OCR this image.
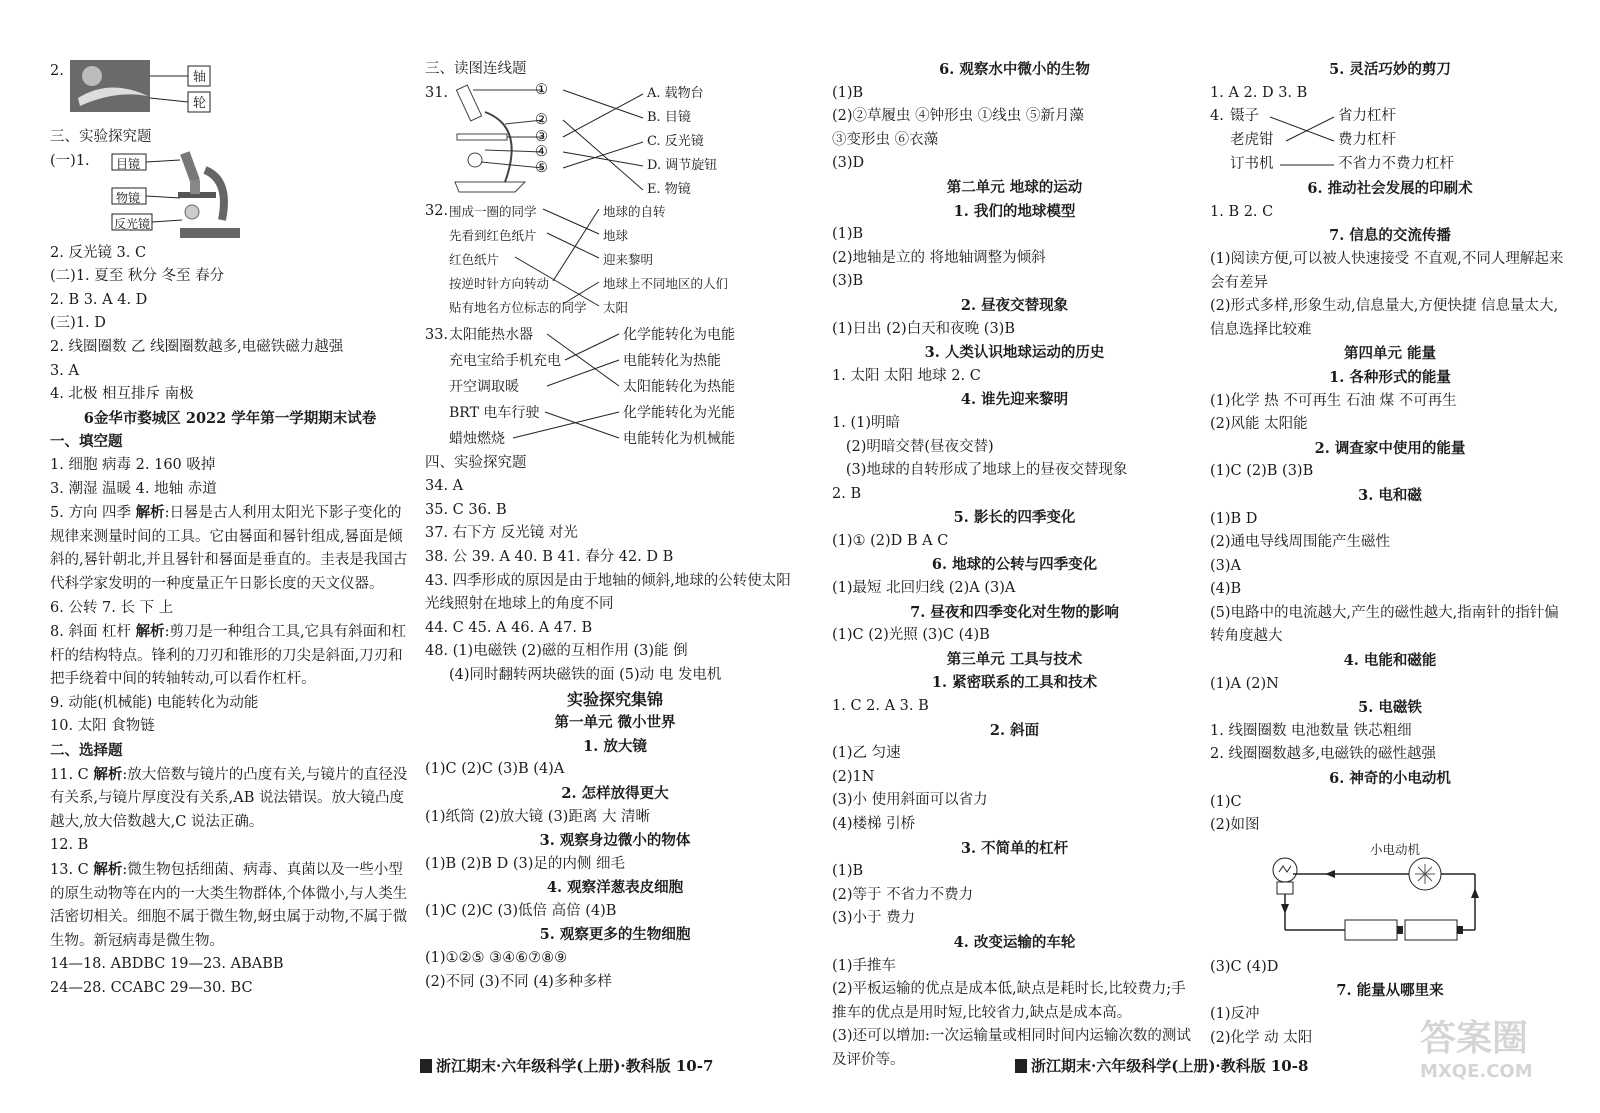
2.	轴
轮
三、实验探究题
(一)1. 目镜
物镜
反光镜
2. 反光镜 3. C
(二)1. 夏至 秋分 冬至 春分
2. B 3. A 4. D
(三)1. D
2. 线圈圈数 乙 线圈圈数越多,电磁铁磁力越强
3. A
4. 北极 相互排斥 南极
6金华市婺城区 2022 学年第一学期期末试卷
一、填空题
1. 细胞 病毒 2. 160 吸掉
3. 潮湿 温暖 4. 地轴 赤道
5. 方向 四季 解析:日晷是古人利用太阳光下影子变化的规律来测量时间的工具。它由晷面和晷针组成,晷面是倾斜的,晷针朝北,并且晷针和晷面是垂直的。圭表是我国古代科学家发明的一种度量正午日影长度的天文仪器。
6. 公转 7. 长 下 上
8. 斜面 杠杆 解析:剪刀是一种组合工具,它具有斜面和杠杆的结构特点。锋利的刀刃和锥形的刀尖是斜面,刀刃和把手绕着中间的转轴转动,可以看作杠杆。
9. 动能(机械能) 电能转化为动能
10. 太阳 食物链
二、选择题
11. C 解析:放大倍数与镜片的凸度有关,与镜片的直径没有关系,与镜片厚度没有关系,AB 说法错误。放大镜凸度越大,放大倍数越大,C 说法正确。
12. B
13. C 解析:微生物包括细菌、病毒、真菌以及一些小型的原生动物等在内的一大类生物群体,个体微小,与人类生活密切相关。细胞不属于微生物,蚜虫属于动物,不属于微生物。新冠病毒是微生物。
14—18. ABDBC 19—23. ABABB
24—28. CCABC 29—30. BC
三、读图连线题
31.	①
②
③
④
⑤
A. 载物台
B. 目镜
C. 反光镜
D. 调节旋钮
E. 物镜
32. 围成一圈的同学
先看到红色纸片
红色纸片
按逆时针方向转动
贴有地名方位标志的同学
地球的自转
地球
迎来黎明
地球上不同地区的人们
太阳
33. 太阳能热水器
充电宝给手机充电
开空调取暖
BRT 电车行驶
蜡烛燃烧
化学能转化为电能
电能转化为热能
太阳能转化为热能
化学能转化为光能
电能转化为机械能
四、实验探究题
34. A
35. C 36. B
37. 右下方 反光镜 对光
38. 公 39. A 40. B 41. 春分 42. D B
43. 四季形成的原因是由于地轴的倾斜,地球的公转使太阳光线照射在地球上的角度不同
44. C 45. A 46. A 47. B
48. (1)电磁铁 (2)磁的互相作用 (3)能 倒
(4)同时翻转两块磁铁的面 (5)动 电 发电机
实验探究集锦
第一单元 微小世界
1. 放大镜
(1)C (2)C (3)B (4)A
2. 怎样放得更大
(1)纸筒 (2)放大镜 (3)距离 大 清晰
3. 观察身边微小的物体
(1)B (2)B D (3)足的内侧 细毛
4. 观察洋葱表皮细胞
(1)C (2)C (3)低倍 高倍 (4)B
5. 观察更多的生物细胞
(1)①②⑤ ③④⑥⑦⑧⑨
(2)不同 (3)不同 (4)多种多样
6. 观察水中微小的生物
(1)B
(2)②草履虫 ④钟形虫 ①线虫 ⑤新月藻
③变形虫 ⑥衣藻
(3)D
第二单元 地球的运动
1. 我们的地球模型
(1)B
(2)地轴是立的 将地轴调整为倾斜
(3)B
2. 昼夜交替现象
(1)日出 (2)白天和夜晚 (3)B
3. 人类认识地球运动的历史
1. 太阳 太阳 地球 2. C
4. 谁先迎来黎明
1. (1)明暗
(2)明暗交替(昼夜交替)
(3)地球的自转形成了地球上的昼夜交替现象
2. B
5. 影长的四季变化
(1)① (2)D B A C
6. 地球的公转与四季变化
(1)最短 北回归线 (2)A (3)A
7. 昼夜和四季变化对生物的影响
(1)C (2)光照 (3)C (4)B
第三单元 工具与技术
1. 紧密联系的工具和技术
1. C 2. A 3. B
2. 斜面
(1)乙 匀速
(2)1N
(3)小 使用斜面可以省力
(4)楼梯 引桥
3. 不简单的杠杆
(1)B
(2)等于 不省力不费力
(3)小于 费力
4. 改变运输的车轮
(1)手推车
(2)平板运输的优点是成本低,缺点是耗时长,比较费力;手推车的优点是用时短,比较省力,缺点是成本高。
(3)还可以增加:一次运输量或相同时间内运输次数的测试及评价等。
5. 灵活巧妙的剪刀
1. A 2. D 3. B
4. 镊子
老虎钳
订书机
省力杠杆
费力杠杆
不省力不费力杠杆
6. 推动社会发展的印刷术
1. B 2. C
7. 信息的交流传播
(1)阅读方便,可以被人快速接受 不直观,不同人理解起来会有差异
(2)形式多样,形象生动,信息量大,方便快捷 信息量太大,信息选择比较难
第四单元 能量
1. 各种形式的能量
(1)化学 热 不可再生 石油 煤 不可再生
(2)风能 太阳能
2. 调查家中使用的能量
(1)C (2)B (3)B
3. 电和磁
(1)B D
(2)通电导线周围能产生磁性
(3)A
(4)B
(5)电路中的电流越大,产生的磁性越大,指南针的指针偏转角度越大
4. 电能和磁能
(1)A (2)N
5. 电磁铁
1. 线圈圈数 电池数量 铁芯粗细
2. 线圈圈数越多,电磁铁的磁性越强
6. 神奇的小电动机
(1)C
(2)如图
小电动机
(3)C (4)D
7. 能量从哪里来
(1)反冲
(2)化学 动 太阳
浙江期末·六年级科学(上册)·教科版 10-7	浙江期末·六年级科学(上册)·教科版 10-8
答案圈
MXQE.COM
